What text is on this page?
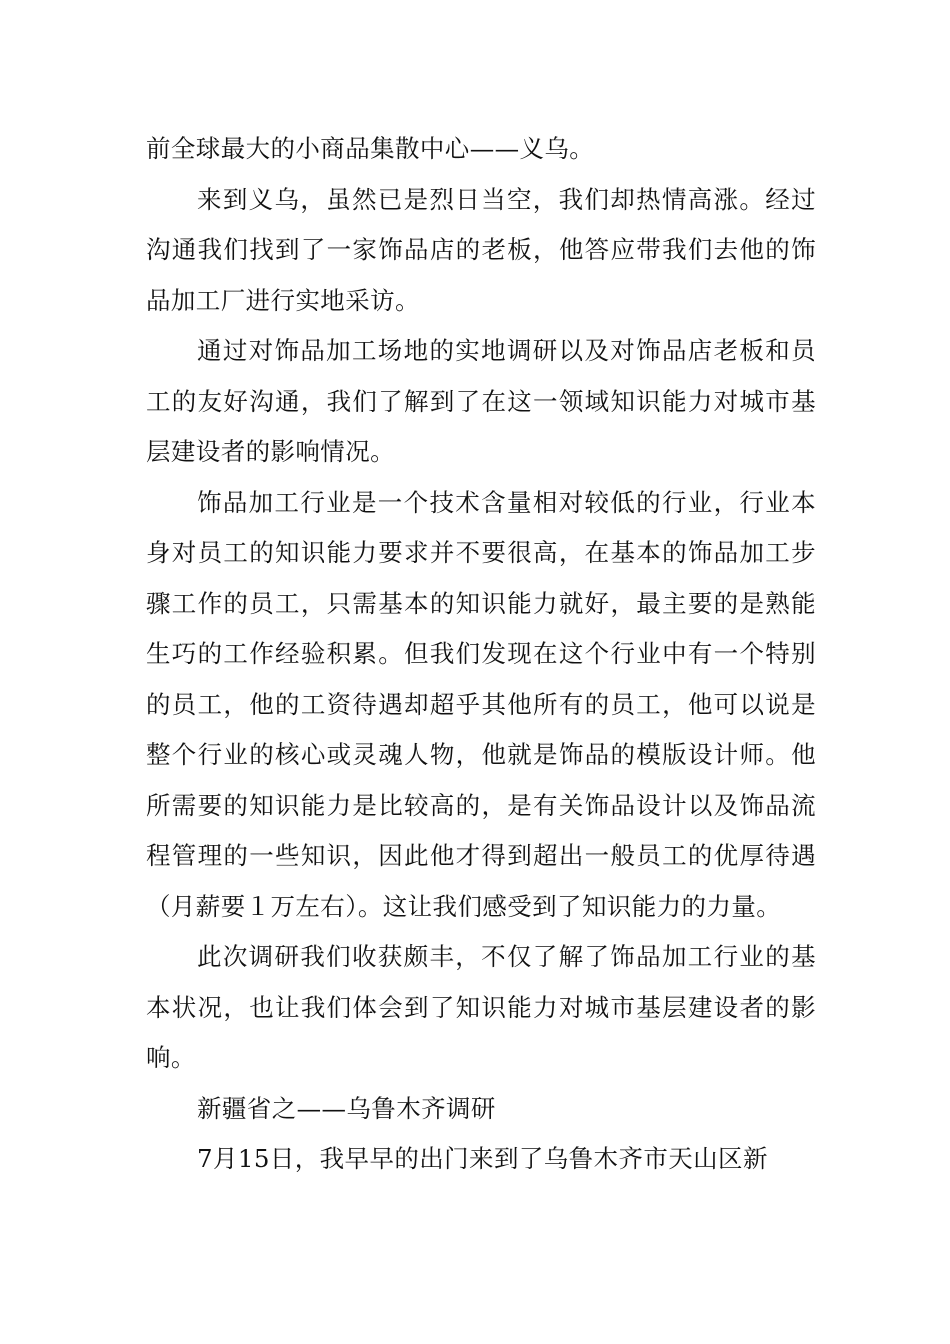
前全球最大的小商品集散中心——义乌。

来到义乌，虽然已是烈日当空，我们却热情高涨。经过沟通我们找到了一家饰品店的老板，他答应带我们去他的饰品加工厂进行实地采访。

通过对饰品加工场地的实地调研以及对饰品店老板和员工的友好沟通，我们了解到了在这一领域知识能力对城市基层建设者的影响情况。

饰品加工行业是一个技术含量相对较低的行业，行业本身对员工的知识能力要求并不要很高，在基本的饰品加工步骤工作的员工，只需基本的知识能力就好，最主要的是熟能生巧的工作经验积累。但我们发现在这个行业中有一个特别的员工，他的工资待遇却超乎其他所有的员工，他可以说是整个行业的核心或灵魂人物，他就是饰品的模版设计师。他所需要的知识能力是比较高的，是有关饰品设计以及饰品流程管理的一些知识，因此他才得到超出一般员工的优厚待遇（月薪要１万左右）。这让我们感受到了知识能力的力量。

此次调研我们收获颇丰，不仅了解了饰品加工行业的基本状况，也让我们体会到了知识能力对城市基层建设者的影响。

新疆省之——乌鲁木齐调研

7月15日，我早早的出门来到了乌鲁木齐市天山区新
